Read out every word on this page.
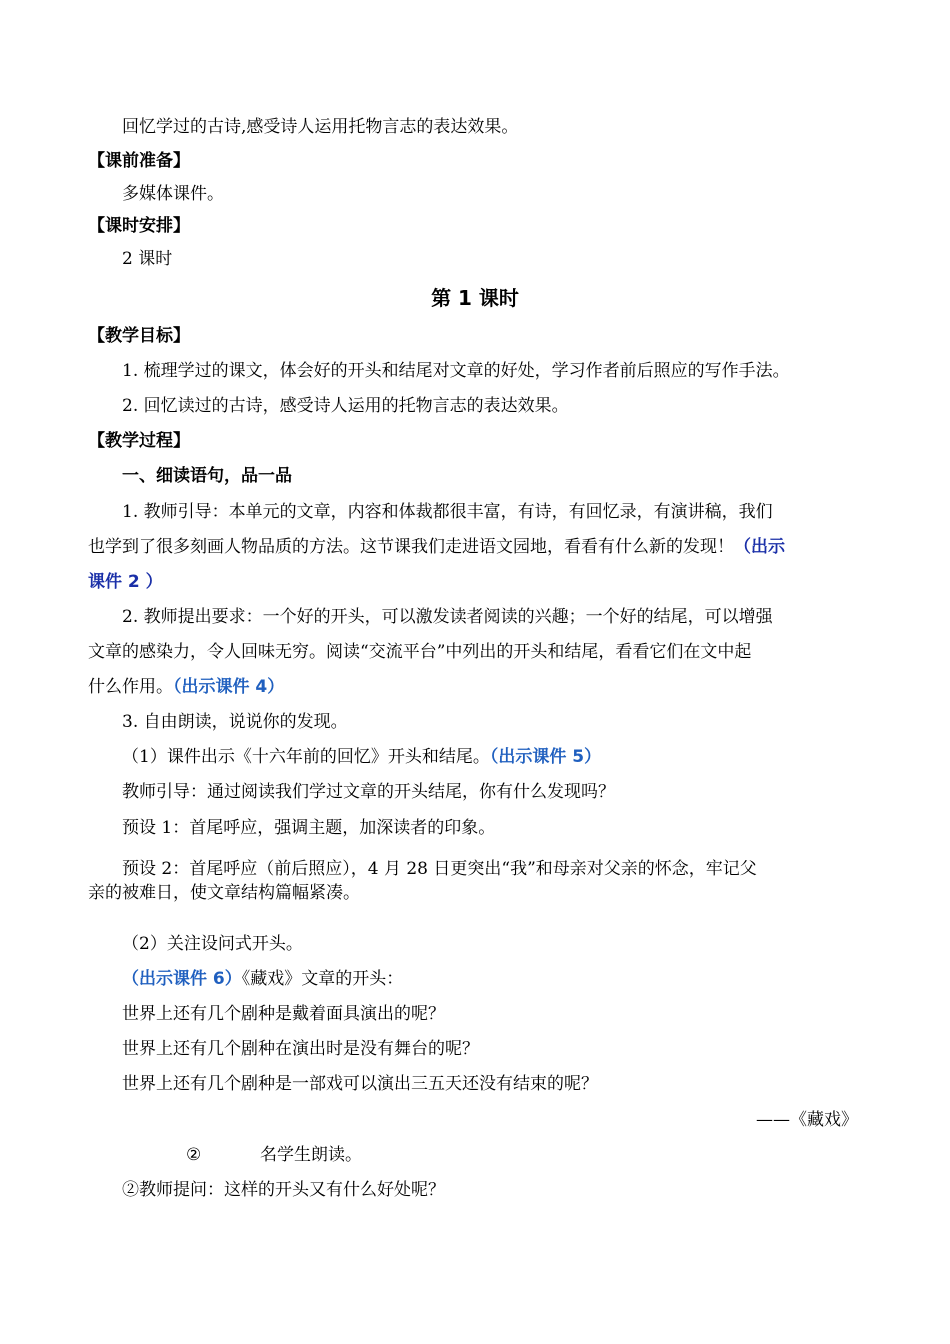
回忆学过的古诗,感受诗人运用托物言志的表达效果。
【课前准备】
多媒体课件。
【课时安排】
2 课时
第 1 课时
【教学目标】
1. 梳理学过的课文，体会好的开头和结尾对文章的好处，学习作者前后照应的写作手法。
2. 回忆读过的古诗，感受诗人运用的托物言志的表达效果。
【教学过程】
一、细读语句，品一品
1. 教师引导：本单元的文章，内容和体裁都很丰富，有诗，有回忆录，有演讲稿，我们
也学到了很多刻画人物品质的方法。这节课我们走进语文园地，看看有什么新的发现！（出示
课件 2 ）
2. 教师提出要求：一个好的开头，可以激发读者阅读的兴趣；一个好的结尾，可以增强
文章的感染力，令人回味无穷。阅读“交流平台”中列出的开头和结尾，看看它们在文中起
什么作用。（出示课件 4）
3. 自由朗读，说说你的发现。
（1）课件出示《十六年前的回忆》开头和结尾。（出示课件 5）
教师引导：通过阅读我们学过文章的开头结尾，你有什么发现吗？
预设 1：首尾呼应，强调主题，加深读者的印象。
预设 2：首尾呼应（前后照应），4 月 28 日更突出“我”和母亲对父亲的怀念，牢记父
亲的被难日，使文章结构篇幅紧凑。
（2）关注设问式开头。
（出示课件 6）《藏戏》文章的开头：
世界上还有几个剧种是戴着面具演出的呢？
世界上还有几个剧种在演出时是没有舞台的呢？
世界上还有几个剧种是一部戏可以演出三五天还没有结束的呢？
——《藏戏》
②	名学生朗读。
②教师提问：这样的开头又有什么好处呢？
